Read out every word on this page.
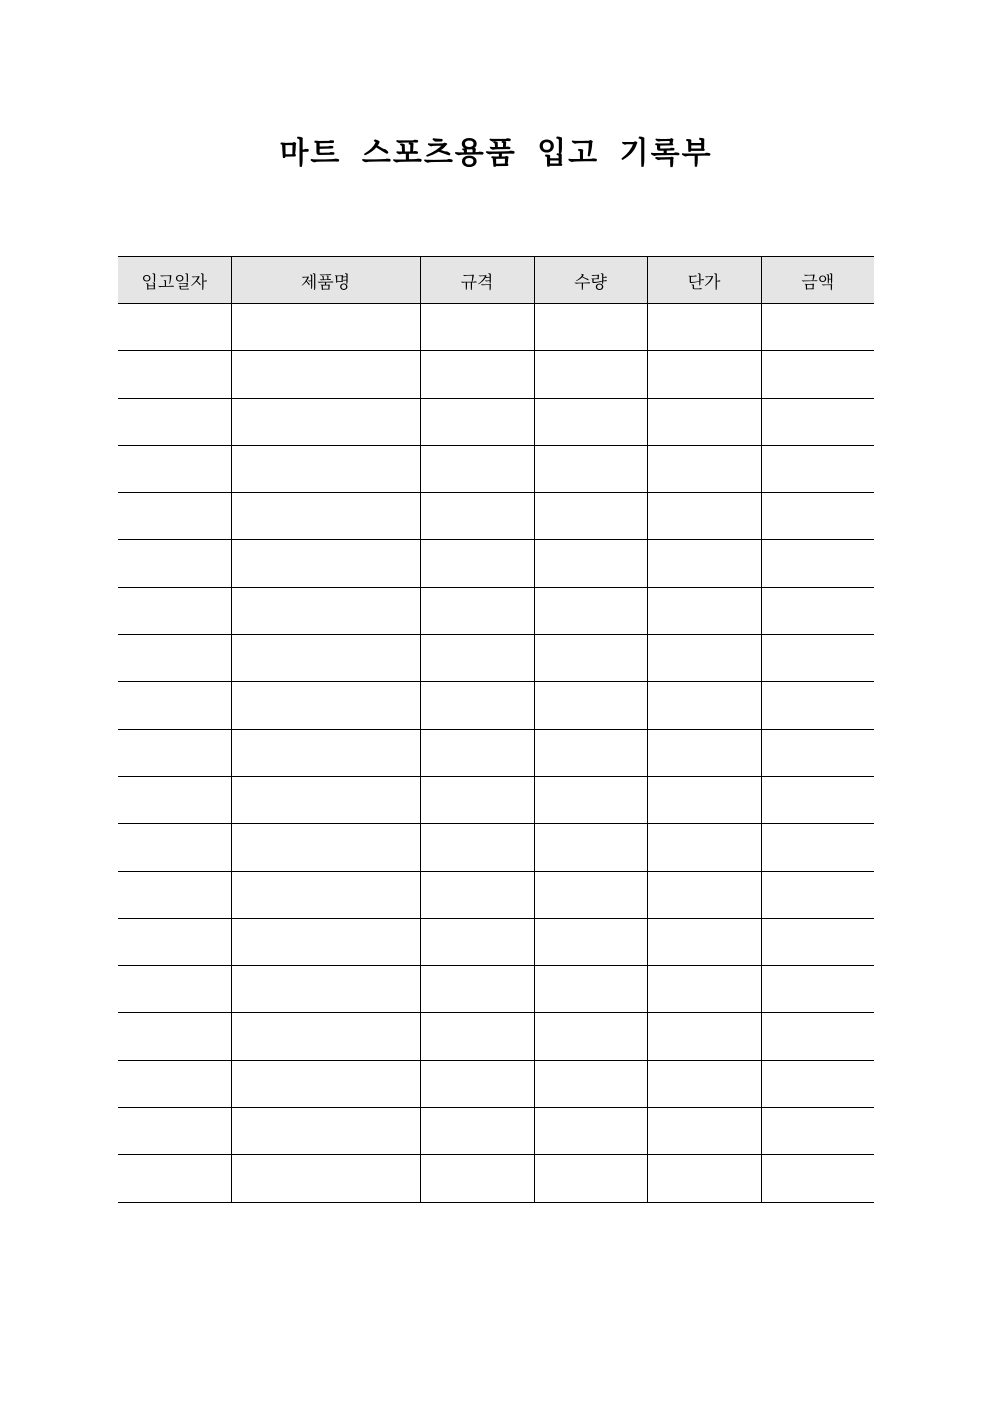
마트 스포츠용품 입고 기록부
입고일자	제품명	규격	수량	단가	금액
